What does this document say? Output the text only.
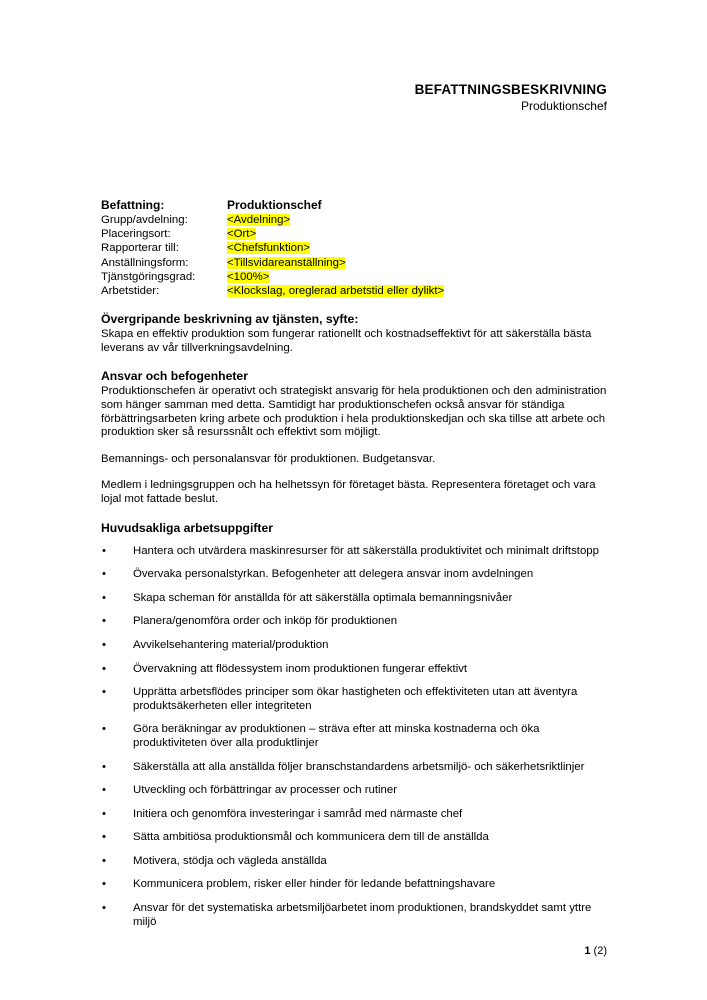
BEFATTNINGSBESKRIVNING
Produktionschef
Befattning:	Produktionschef
Grupp/avdelning:	<Avdelning>
Placeringsort:	<Ort>
Rapporterar till:	<Chefsfunktion>
Anställningsform:	<Tillsvidareanställning>
Tjänstgöringsgrad:	<100%>
Arbetstider:	<Klockslag, oreglerad arbetstid eller dylikt>
Övergripande beskrivning av tjänsten, syfte:

Skapa en effektiv produktion som fungerar rationellt och kostnadseffektivt för att säkerställa bästa leverans av vår tillverkningsavdelning.

Ansvar och befogenheter

Produktionschefen är operativt och strategiskt ansvarig för hela produktionen och den administration som hänger samman med detta. Samtidigt har produktionschefen också ansvar för ständiga förbättringsarbeten kring arbete och produktion i hela produktionskedjan och ska tillse att arbete och produktion sker så resurssnålt och effektivt som möjligt.

Bemannings- och personalansvar för produktionen. Budgetansvar.

Medlem i ledningsgruppen och ha helhetssyn för företaget bästa. Representera företaget och vara lojal mot fattade beslut.

Huvudsakliga arbetsuppgifter
• Hantera och utvärdera maskinresurser för att säkerställa produktivitet och minimalt driftstopp
• Övervaka personalstyrkan. Befogenheter att delegera ansvar inom avdelningen
• Skapa scheman för anställda för att säkerställa optimala bemanningsnivåer
• Planera/genomföra order och inköp för produktionen
• Avvikelsehantering material/produktion
• Övervakning att flödessystem inom produktionen fungerar effektivt
• Upprätta arbetsflödes principer som ökar hastigheten och effektiviteten utan att äventyra produktsäkerheten eller integriteten
• Göra beräkningar av produktionen – sträva efter att minska kostnaderna och öka produktiviteten över alla produktlinjer
• Säkerställa att alla anställda följer branschstandardens arbetsmiljö- och säkerhetsriktlinjer
• Utveckling och förbättringar av processer och rutiner
• Initiera och genomföra investeringar i samråd med närmaste chef
• Sätta ambitiösa produktionsmål och kommunicera dem till de anställda
• Motivera, stödja och vägleda anställda
• Kommunicera problem, risker eller hinder för ledande befattningshavare
• Ansvar för det systematiska arbetsmiljöarbetet inom produktionen, brandskyddet samt yttre miljö
1 (2)
